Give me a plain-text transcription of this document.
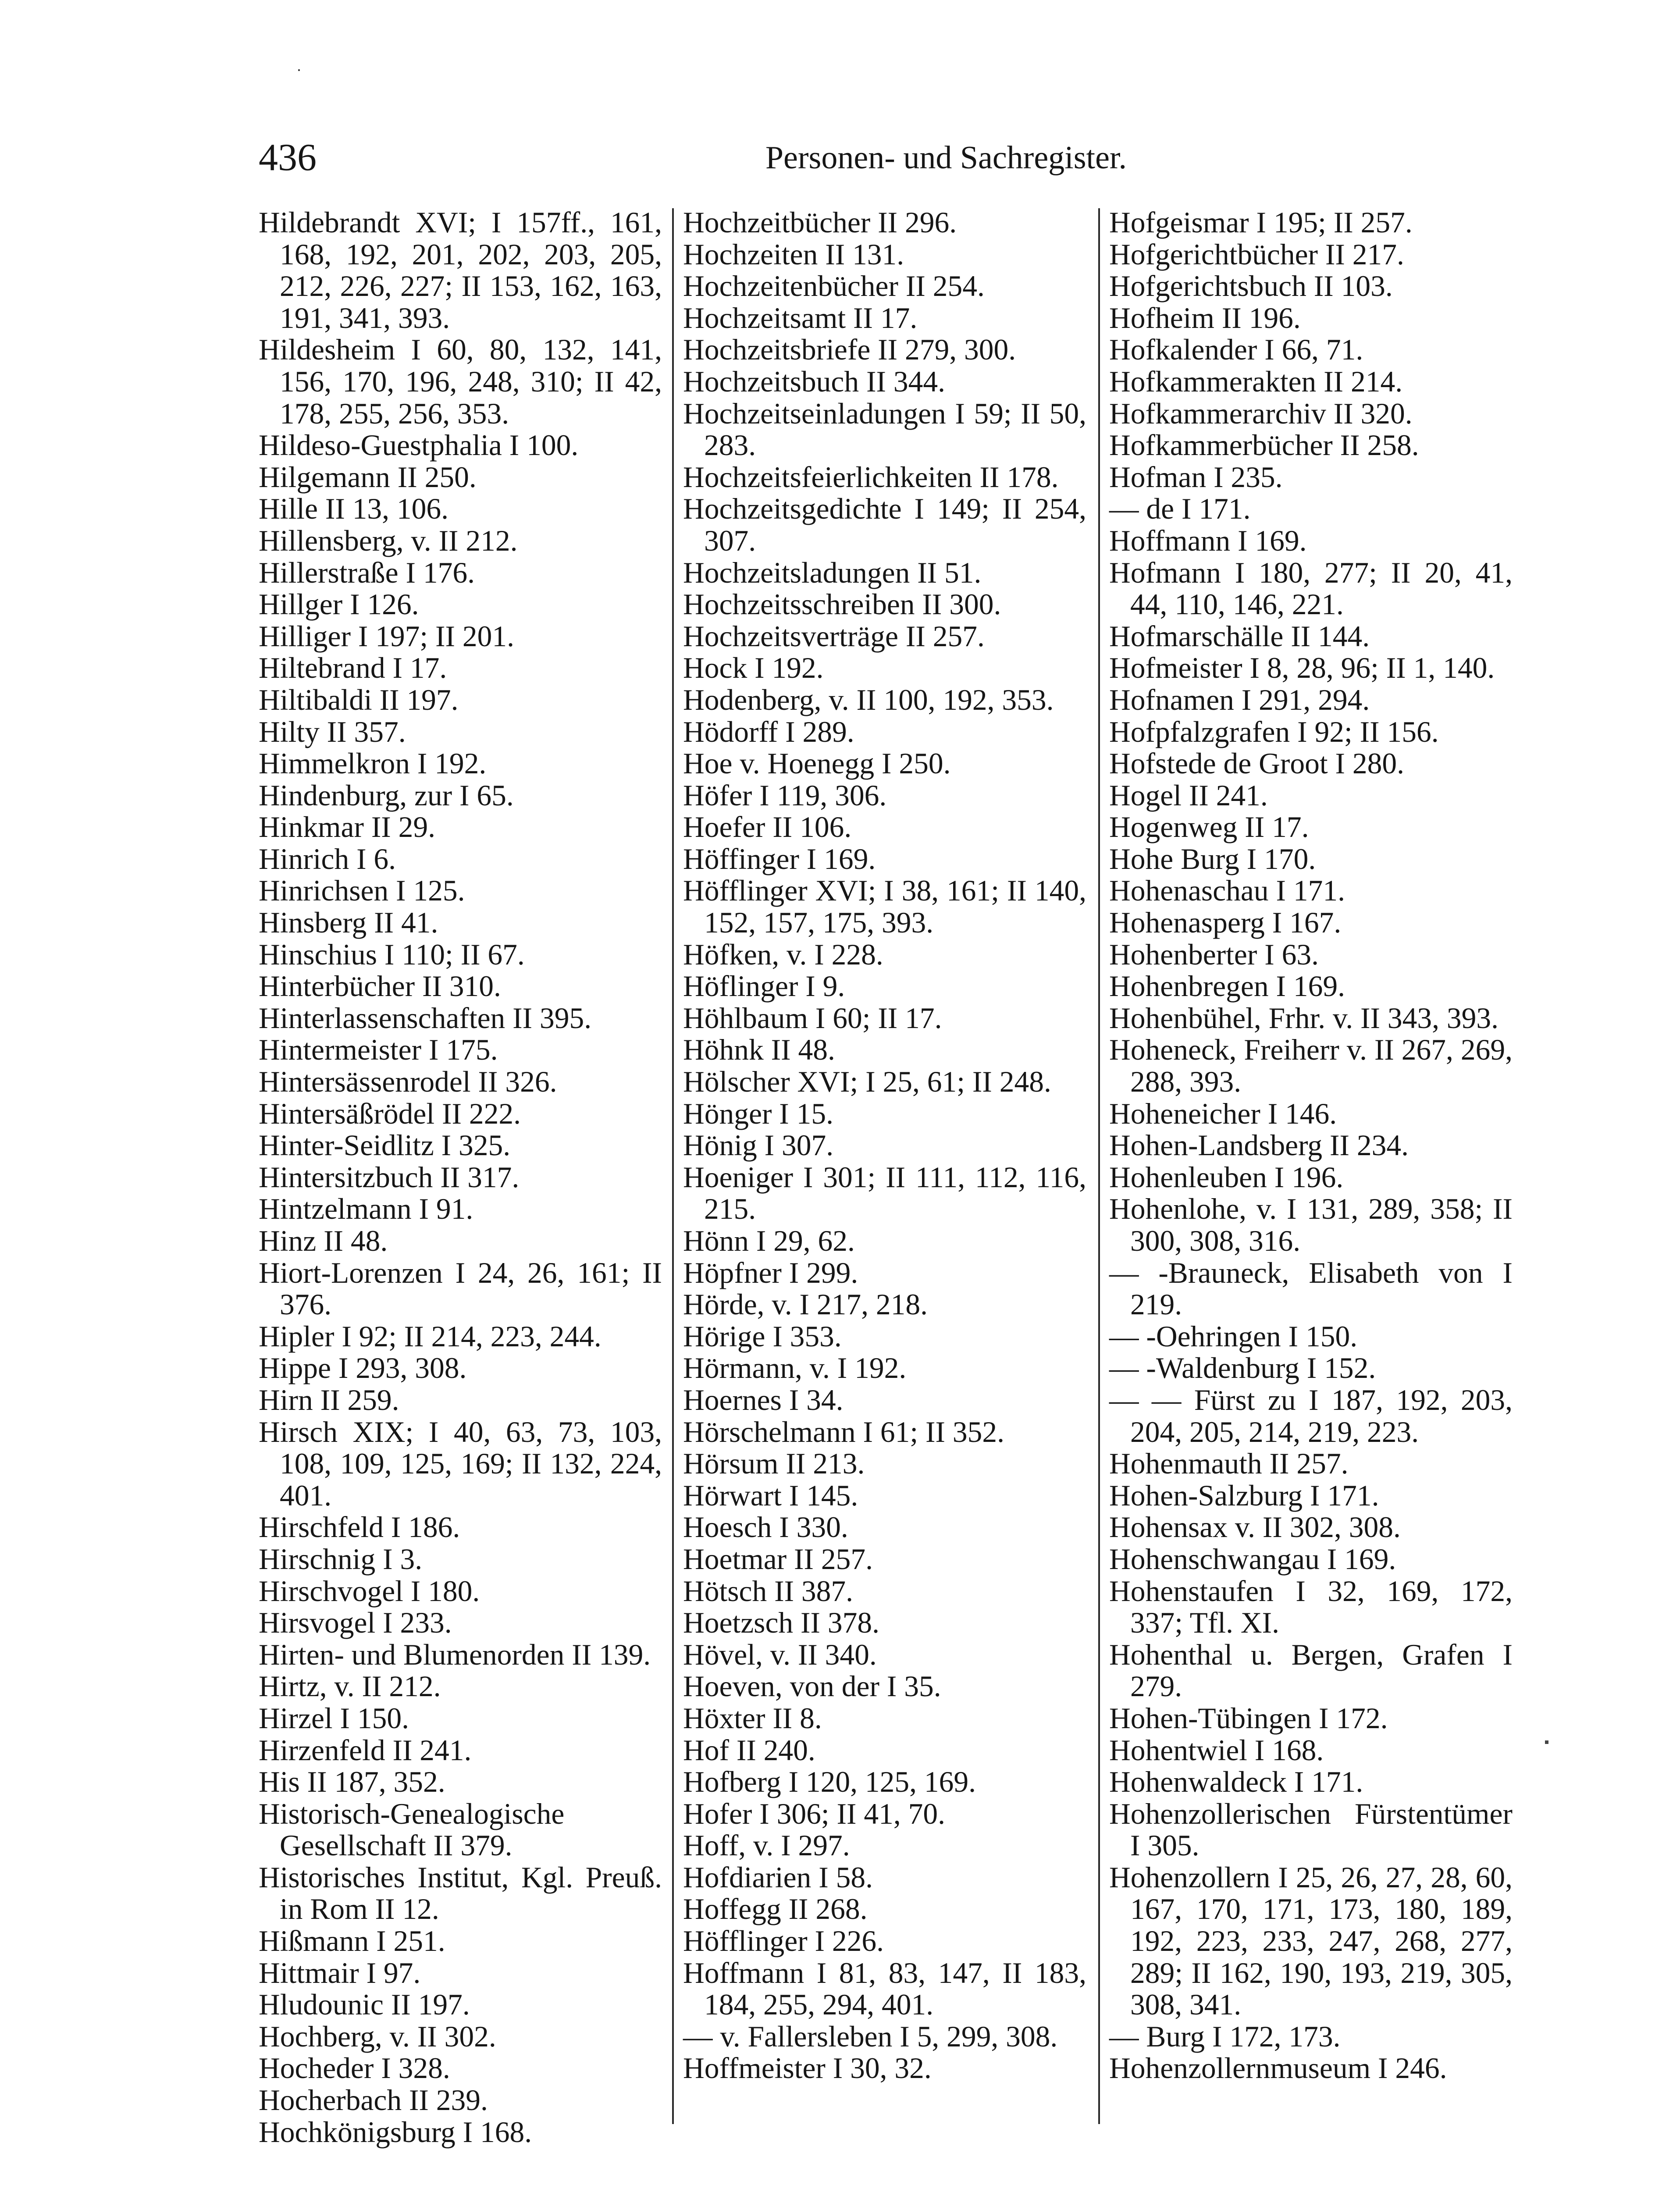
436	Personen- und Sachregister.
Hildebrandt XVI; I 157ff., 161, 168, 192, 201, 202, 203, 205, 212, 226, 227; II 153, 162, 163, 191, 341, 393.
Hildesheim I 60, 80, 132, 141, 156, 170, 196, 248, 310; II 42, 178, 255, 256, 353.
Hildeso-Guestphalia I 100.
Hilgemann II 250.
Hille II 13, 106.
Hillensberg, v. II 212.
Hillerstraße I 176.
Hillger I 126.
Hilliger I 197; II 201.
Hiltebrand I 17.
Hiltibaldi II 197.
Hilty II 357.
Himmelkron I 192.
Hindenburg, zur I 65.
Hinkmar II 29.
Hinrich I 6.
Hinrichsen I 125.
Hinsberg II 41.
Hinschius I 110; II 67.
Hinterbücher II 310.
Hinterlassenschaften II 395.
Hintermeister I 175.
Hintersässenrodel II 326.
Hintersäßrödel II 222.
Hinter-Seidlitz I 325.
Hintersitzbuch II 317.
Hintzelmann I 91.
Hinz II 48.
Hiort-Lorenzen I 24, 26, 161; II 376.
Hipler I 92; II 214, 223, 244.
Hippe I 293, 308.
Hirn II 259.
Hirsch XIX; I 40, 63, 73, 103, 108, 109, 125, 169; II 132, 224, 401.
Hirschfeld I 186.
Hirschnig I 3.
Hirschvogel I 180.
Hirsvogel I 233.
Hirten- und Blumenorden II 139.
Hirtz, v. II 212.
Hirzel I 150.
Hirzenfeld II 241.
His II 187, 352.
Historisch-Genealogische Gesellschaft II 379.
Historisches Institut, Kgl. Preuß. in Rom II 12.
Hißmann I 251.
Hittmair I 97.
Hludounic II 197.
Hochberg, v. II 302.
Hocheder I 328.
Hocherbach II 239.
Hochkönigsburg I 168.
Hochzeitbücher II 296.
Hochzeiten II 131.
Hochzeitenbücher II 254.
Hochzeitsamt II 17.
Hochzeitsbriefe II 279, 300.
Hochzeitsbuch II 344.
Hochzeitseinladungen I 59; II 50, 283.
Hochzeitsfeierlichkeiten II 178.
Hochzeitsgedichte I 149; II 254, 307.
Hochzeitsladungen II 51.
Hochzeitsschreiben II 300.
Hochzeitsverträge II 257.
Hock I 192.
Hodenberg, v. II 100, 192, 353.
Hödorff I 289.
Hoe v. Hoenegg I 250.
Höfer I 119, 306.
Hoefer II 106.
Höffinger I 169.
Höfflinger XVI; I 38, 161; II 140, 152, 157, 175, 393.
Höfken, v. I 228.
Höflinger I 9.
Höhlbaum I 60; II 17.
Höhnk II 48.
Hölscher XVI; I 25, 61; II 248.
Hönger I 15.
Hönig I 307.
Hoeniger I 301; II 111, 112, 116, 215.
Hönn I 29, 62.
Höpfner I 299.
Hörde, v. I 217, 218.
Hörige I 353.
Hörmann, v. I 192.
Hoernes I 34.
Hörschelmann I 61; II 352.
Hörsum II 213.
Hörwart I 145.
Hoesch I 330.
Hoetmar II 257.
Hötsch II 387.
Hoetzsch II 378.
Hövel, v. II 340.
Hoeven, von der I 35.
Höxter II 8.
Hof II 240.
Hofberg I 120, 125, 169.
Hofer I 306; II 41, 70.
Hoff, v. I 297.
Hofdiarien I 58.
Hoffegg II 268.
Höfflinger I 226.
Hoffmann I 81, 83, 147, II 183, 184, 255, 294, 401.
— v. Fallersleben I 5, 299, 308.
Hoffmeister I 30, 32.
Hofgeismar I 195; II 257.
Hofgerichtbücher II 217.
Hofgerichtsbuch II 103.
Hofheim II 196.
Hofkalender I 66, 71.
Hofkammerakten II 214.
Hofkammerarchiv II 320.
Hofkammerbücher II 258.
Hofman I 235.
— de I 171.
Hoffmann I 169.
Hofmann I 180, 277; II 20, 41, 44, 110, 146, 221.
Hofmarschälle II 144.
Hofmeister I 8, 28, 96; II 1, 140.
Hofnamen I 291, 294.
Hofpfalzgrafen I 92; II 156.
Hofstede de Groot I 280.
Hogel II 241.
Hogenweg II 17.
Hohe Burg I 170.
Hohenaschau I 171.
Hohenasperg I 167.
Hohenberter I 63.
Hohenbregen I 169.
Hohenbühel, Frhr. v. II 343, 393.
Hoheneck, Freiherr v. II 267, 269, 288, 393.
Hoheneicher I 146.
Hohen-Landsberg II 234.
Hohenleuben I 196.
Hohenlohe, v. I 131, 289, 358; II 300, 308, 316.
— -Brauneck, Elisabeth von I 219.
— -Oehringen I 150.
— -Waldenburg I 152.
— — Fürst zu I 187, 192, 203, 204, 205, 214, 219, 223.
Hohenmauth II 257.
Hohen-Salzburg I 171.
Hohensax v. II 302, 308.
Hohenschwangau I 169.
Hohenstaufen I 32, 169, 172, 337; Tfl. XI.
Hohenthal u. Bergen, Grafen I 279.
Hohen-Tübingen I 172.
Hohentwiel I 168.
Hohenwaldeck I 171.
Hohenzollerischen Fürstentümer I 305.
Hohenzollern I 25, 26, 27, 28, 60, 167, 170, 171, 173, 180, 189, 192, 223, 233, 247, 268, 277, 289; II 162, 190, 193, 219, 305, 308, 341.
— Burg I 172, 173.
Hohenzollernmuseum I 246.
